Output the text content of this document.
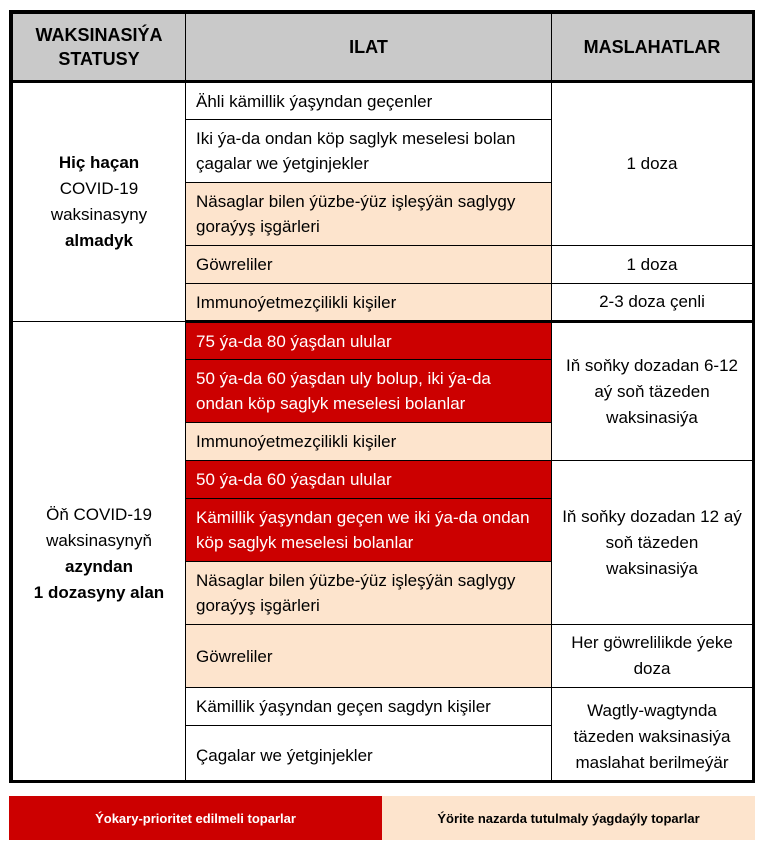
WAKSINASIÝA
STATUSY	ILAT	MASLAHATLAR
Hiç haçan
COVID-19
waksinasyny
almadyk	Ähli kämillik ýaşyndan geçenler	1 doza
	Iki ýa-da ondan köp saglyk meselesi bolan çagalar we ýetginjekler	
	Näsaglar bilen ýüzbe-ýüz işleşýän saglygy goraýyş işgärleri	
	Göwreliler	1 doza
	Immunoýetmezçilikli kişiler	2-3 doza çenli
Öň COVID-19
waksinasynyň
azyndan
1 dozasyny alan	75 ýa-da 80 ýaşdan ulular	Iň soňky dozadan 6-12 aý soň täzeden waksinasiýa
	50 ýa-da 60 ýaşdan uly bolup, iki ýa-da ondan köp saglyk meselesi bolanlar	
	Immunoýetmezçilikli kişiler	
	50 ýa-da 60 ýaşdan ulular	Iň soňky dozadan 12 aý soň täzeden waksinasiýa
	Kämillik ýaşyndan geçen we iki ýa-da ondan köp saglyk meselesi bolanlar	
	Näsaglar bilen ýüzbe-ýüz işleşýän saglygy goraýyş işgärleri	
	Göwreliler	Her göwrelilikde ýeke doza
	Kämillik ýaşyndan geçen sagdyn kişiler	Wagtly-wagtynda täzeden waksinasiýa maslahat berilmeýär
	Çagalar we ýetginjekler	
Ýokary-prioritet edilmeli toparlar	Ýörite nazarda tutulmaly ýagdaýly toparlar
